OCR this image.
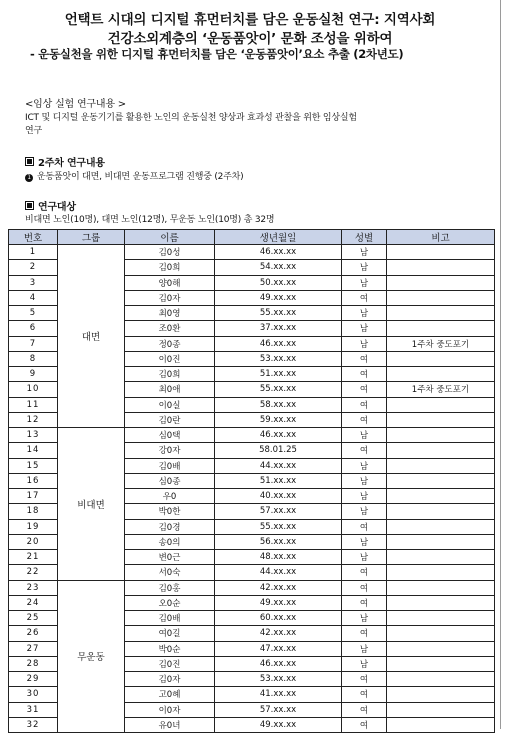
언택트 시대의 디지털 휴먼터치를 담은 운동실천 연구: 지역사회
건강소외계층의 ‘운동품앗이’ 문화 조성을 위하여
- 운동실천을 위한 디지털 휴먼터치를 담은 ‘운동품앗이’요소 추출 (2차년도)
<임상 실험 연구내용 >
ICT 및 디지털 운동기기를 활용한 노인의 운동실천 양상과 효과성 관찰을 위한 임상실험
연구
2주차 연구내용
1 운동품앗이 대면, 비대면 운동프로그램 진행중 (2주차)
연구대상
비대면 노인(10명), 대면 노인(12명), 무운동 노인(10명) 총 32명
번호	그룹	이름	생년월일	성별	비고
1	대면	김0성	46.xx.xx	남	
2		김0희	54.xx.xx	남	
3		양0해	50.xx.xx	남	
4		김0자	49.xx.xx	여	
5		최0영	55.xx.xx	남	
6		조0환	37.xx.xx	남	
7		정0종	46.xx.xx	남	1주차 중도포기
8		이0진	53.xx.xx	여	
9		김0희	51.xx.xx	여	
10		최0애	55.xx.xx	여	1주차 중도포기
11		이0실	58.xx.xx	여	
12		김0란	59.xx.xx	여	
13	비대면	심0택	46.xx.xx	남	
14		강0자	58.01.25	여	
15		김0배	44.xx.xx	남	
16		심0종	51.xx.xx	남	
17		우0	40.xx.xx	남	
18		박0한	57.xx.xx	남	
19		김0경	55.xx.xx	여	
20		송0의	56.xx.xx	남	
21		변0근	48.xx.xx	남	
22		서0숙	44.xx.xx	여	
23	무운동	김0홍	42.xx.xx	여	
24		오0순	49.xx.xx	여	
25		김0배	60.xx.xx	남	
26		여0길	42.xx.xx	여	
27		박0순	47.xx.xx	남	
28		김0진	46.xx.xx	남	
29		김0자	53.xx.xx	여	
30		고0혜	41.xx.xx	여	
31		이0자	57.xx.xx	여	
32		유0녀	49.xx.xx	여	
